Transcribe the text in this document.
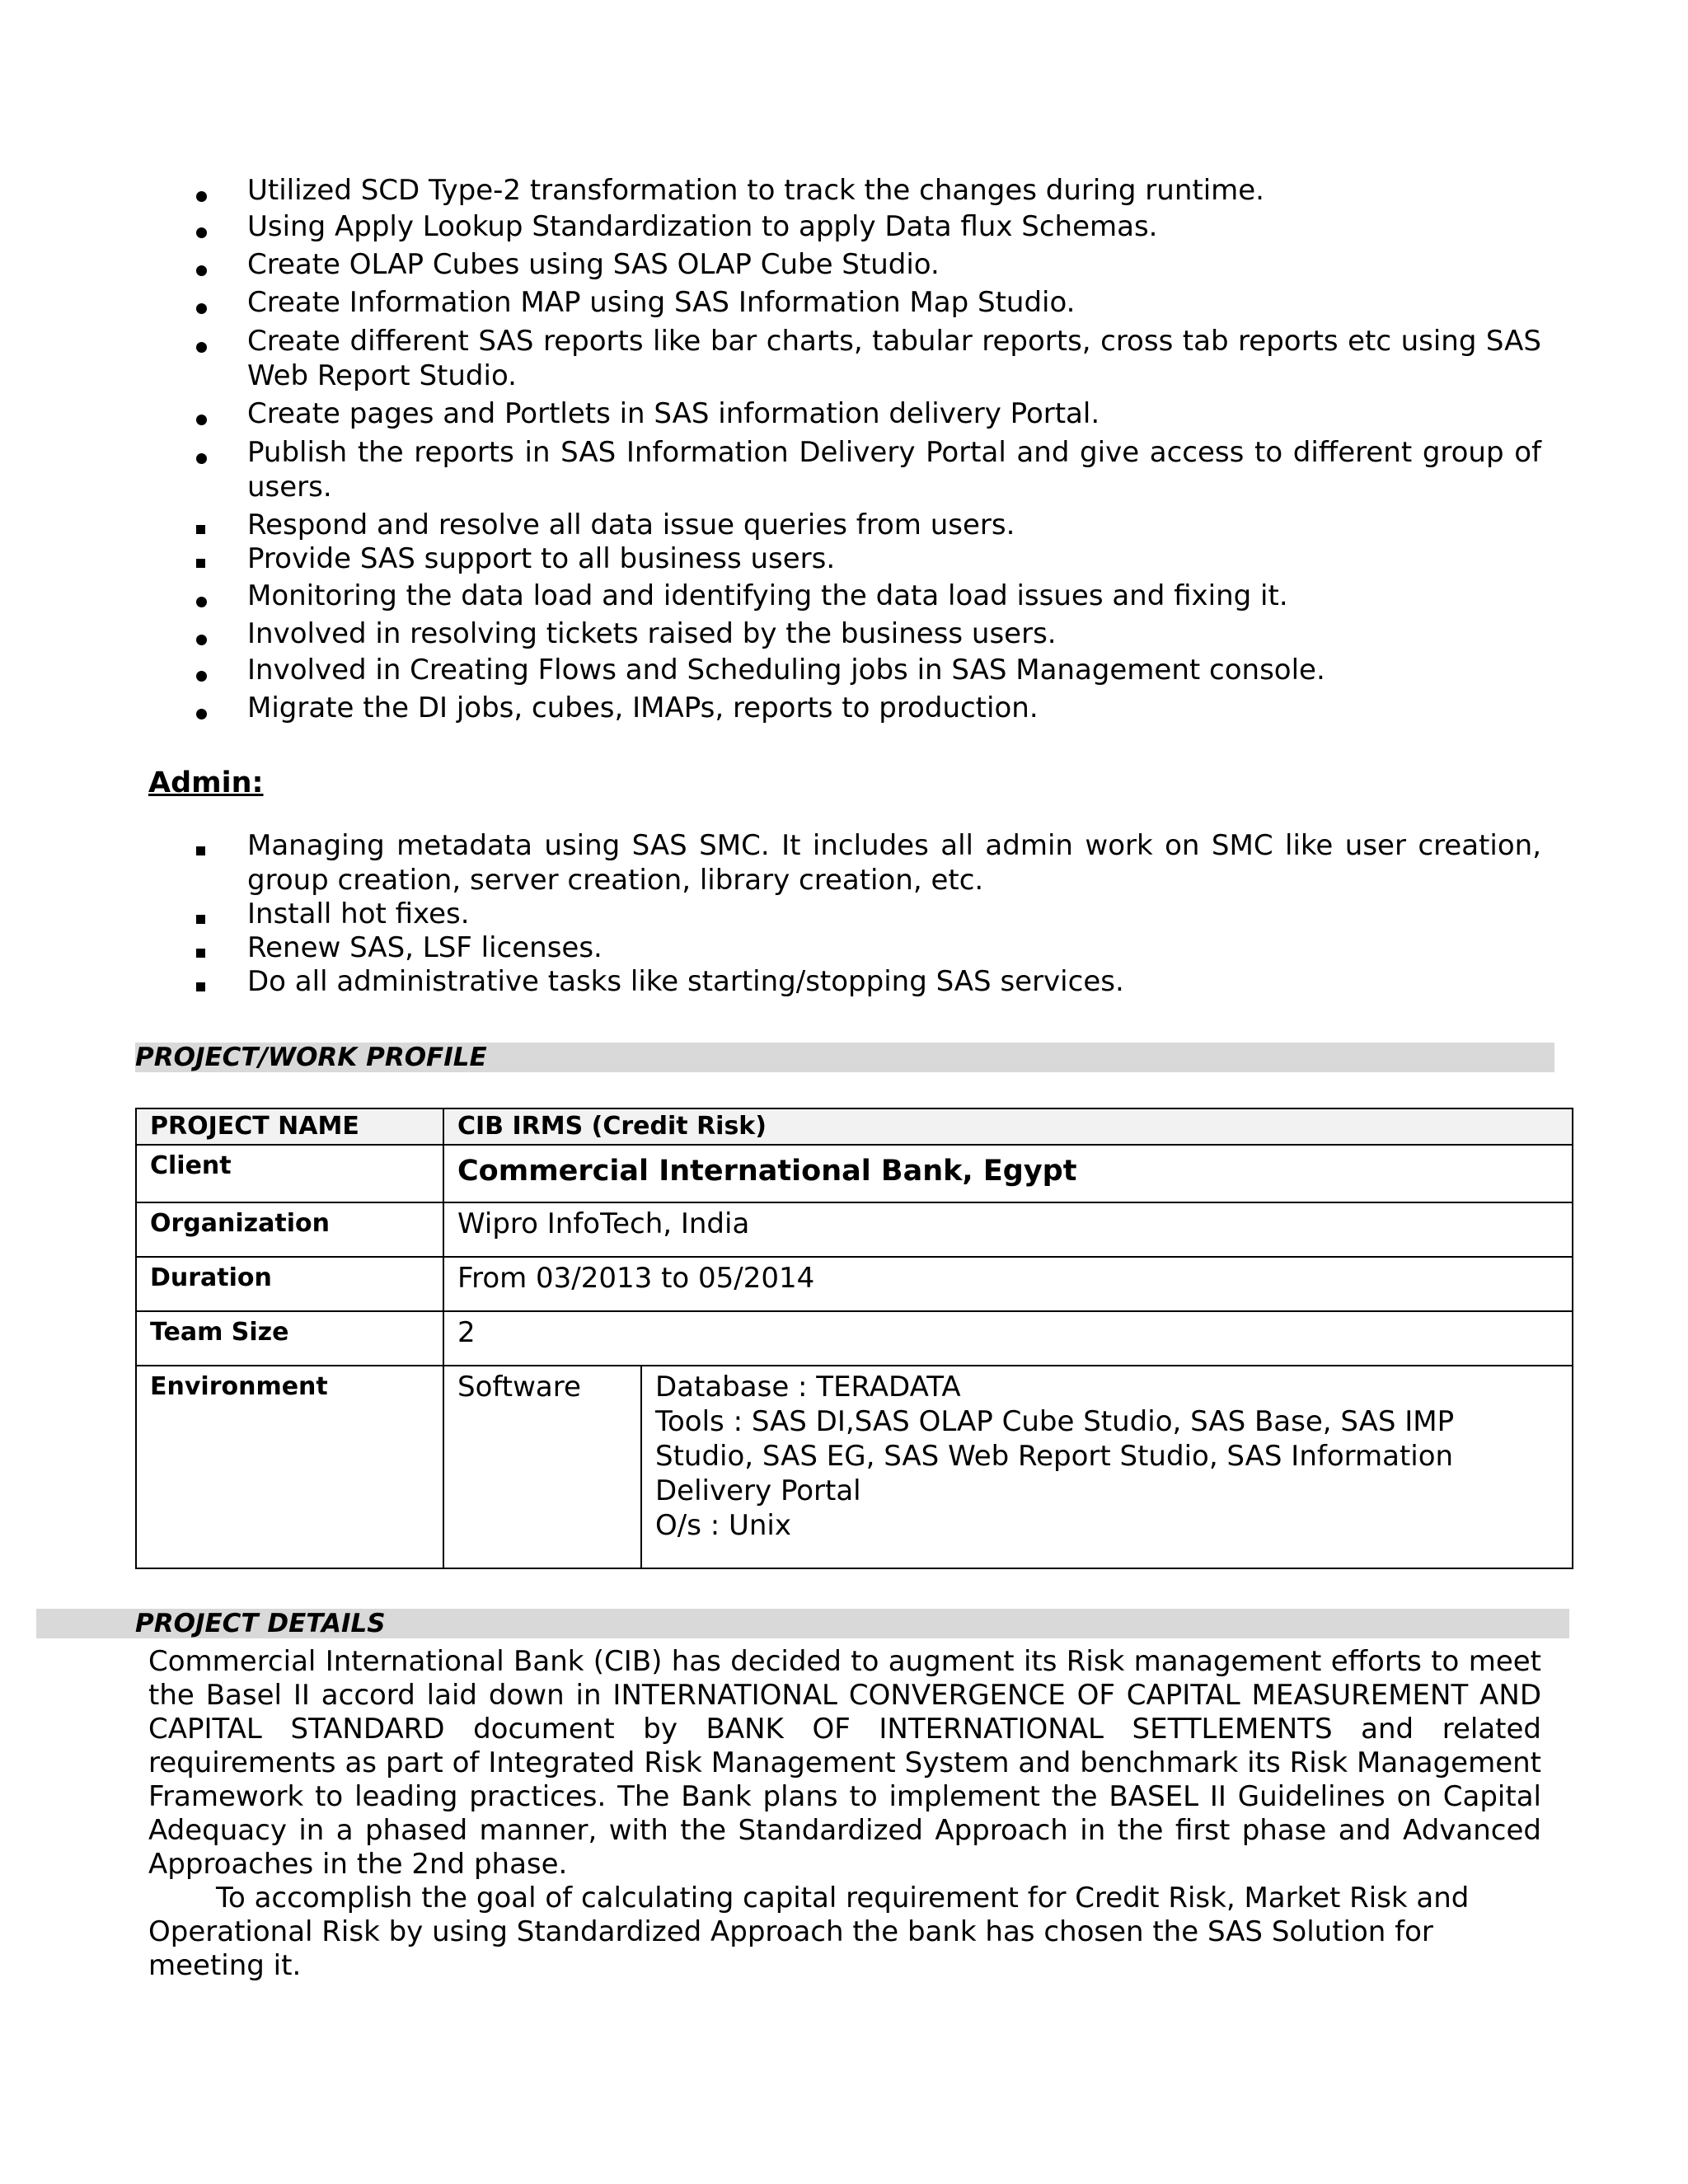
Utilized SCD Type-2 transformation to track the changes during runtime.
Using Apply Lookup Standardization to apply Data flux Schemas.
Create OLAP Cubes using SAS OLAP Cube Studio.
Create Information MAP using SAS Information Map Studio.
Create different SAS reports like bar charts, tabular reports, cross tab reports etc using SAS Web Report Studio.
Create pages and Portlets in SAS information delivery Portal.
Publish the reports in SAS Information Delivery Portal and give access to different group of users.
Respond and resolve all data issue queries from users.
Provide SAS support to all business users.
Monitoring the data load and identifying the data load issues and fixing it.
Involved in resolving tickets raised by the business users.
Involved in Creating Flows and Scheduling jobs in SAS Management console.
Migrate the DI jobs, cubes, IMAPs, reports to production.
Admin:
Managing metadata using SAS SMC. It includes all admin work on SMC like user creation, group creation, server creation, library creation, etc.
Install hot fixes.
Renew SAS, LSF licenses.
Do all administrative tasks like starting/stopping SAS services.
PROJECT/WORK PROFILE
PROJECT NAME	CIB IRMS (Credit Risk)	
Client	Commercial International Bank, Egypt	
Organization	Wipro InfoTech, India	
Duration	From 03/2013 to 05/2014	
Team Size	2	
Environment	Software	Database : TERADATA
Tools : SAS DI,SAS OLAP Cube Studio, SAS Base, SAS IMP Studio, SAS EG, SAS Web Report Studio, SAS Information Delivery Portal
O/s : Unix
PROJECT DETAILS

Commercial International Bank (CIB) has decided to augment its Risk management efforts to meet the Basel II accord laid down in INTERNATIONAL CONVERGENCE OF CAPITAL MEASUREMENT AND CAPITAL STANDARD document by BANK OF INTERNATIONAL SETTLEMENTS and related requirements as part of Integrated Risk Management System and benchmark its Risk Management Framework to leading practices. The Bank plans to implement the BASEL II Guidelines on Capital Adequacy in a phased manner, with the Standardized Approach in the first phase and Advanced Approaches in the 2nd phase.

To accomplish the goal of calculating capital requirement for Credit Risk, Market Risk and Operational Risk by using Standardized Approach the bank has chosen the SAS Solution for meeting it.
